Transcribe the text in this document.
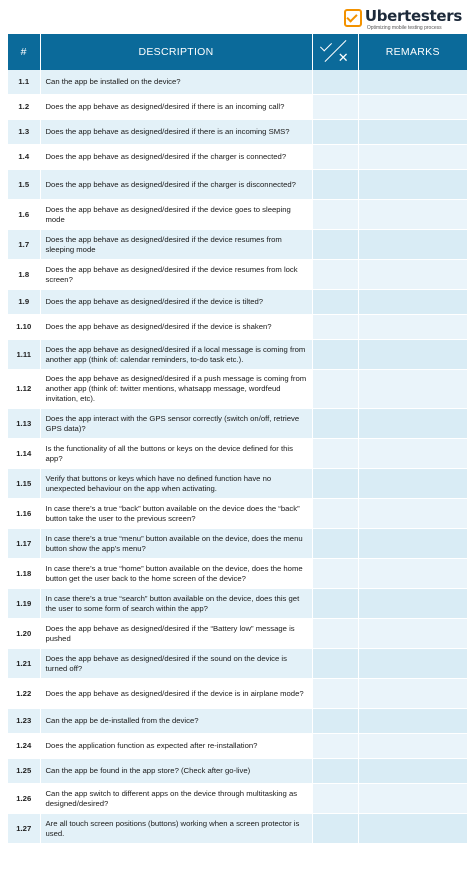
Ubertesters
Optimizing mobile testing process
#	DESCRIPTION	✕	REMARKS
1.1	Can the app be installed on the device?		
1.2	Does the app behave as designed/desired if there is an incoming call?		
1.3	Does the app behave as designed/desired if there is an incoming SMS?		
1.4	Does the app behave as designed/desired if the charger is connected?		
1.5	Does the app behave as designed/desired if the charger is disconnected?		
1.6	Does the app behave as designed/desired if the device goes to sleeping mode		
1.7	Does the app behave as designed/desired if the device resumes from sleeping mode		
1.8	Does the app behave as designed/desired if the device resumes from lock screen?		
1.9	Does the app behave as designed/desired if the device is tilted?		
1.10	Does the app behave as designed/desired if the device is shaken?		
1.11	Does the app behave as designed/desired if a local message is coming from another app (think of: calendar reminders, to-do task etc.).		
1.12	Does the app behave as designed/desired if a push message is coming from another app (think of: twitter mentions, whatsapp message, wordfeud invitation, etc).		
1.13	Does the app interact with the GPS sensor correctly (switch on/off, retrieve GPS data)?		
1.14	Is the functionality of all the buttons or keys on the device defined for this app?		
1.15	Verify that buttons or keys which have no defined function have no unexpected behaviour on the app when activating.		
1.16	In case there’s a true “back” button available on the device does the “back” button take the user to the previous screen?		
1.17	In case there’s a true “menu” button available on the device, does the menu button show the app’s menu?		
1.18	In case there’s a true “home” button available on the device, does the home button get the user back to the home screen of the device?		
1.19	In case there’s a true “search” button available on the device, does this get the user to some form of search within the app?		
1.20	Does the app behave as designed/desired if the “Battery low” message is pushed		
1.21	Does the app behave as designed/desired if the sound on the device is turned off?		
1.22	Does the app behave as designed/desired if the device is in airplane mode?		
1.23	Can the app be de-installed from the device?		
1.24	Does the application function as expected after re-installation?		
1.25	Can the app be found in the app store? (Check after go-live)		
1.26	Can the app switch to different apps on the device through multitasking as designed/desired?		
1.27	Are all touch screen positions (buttons) working when a screen protector is used.		
